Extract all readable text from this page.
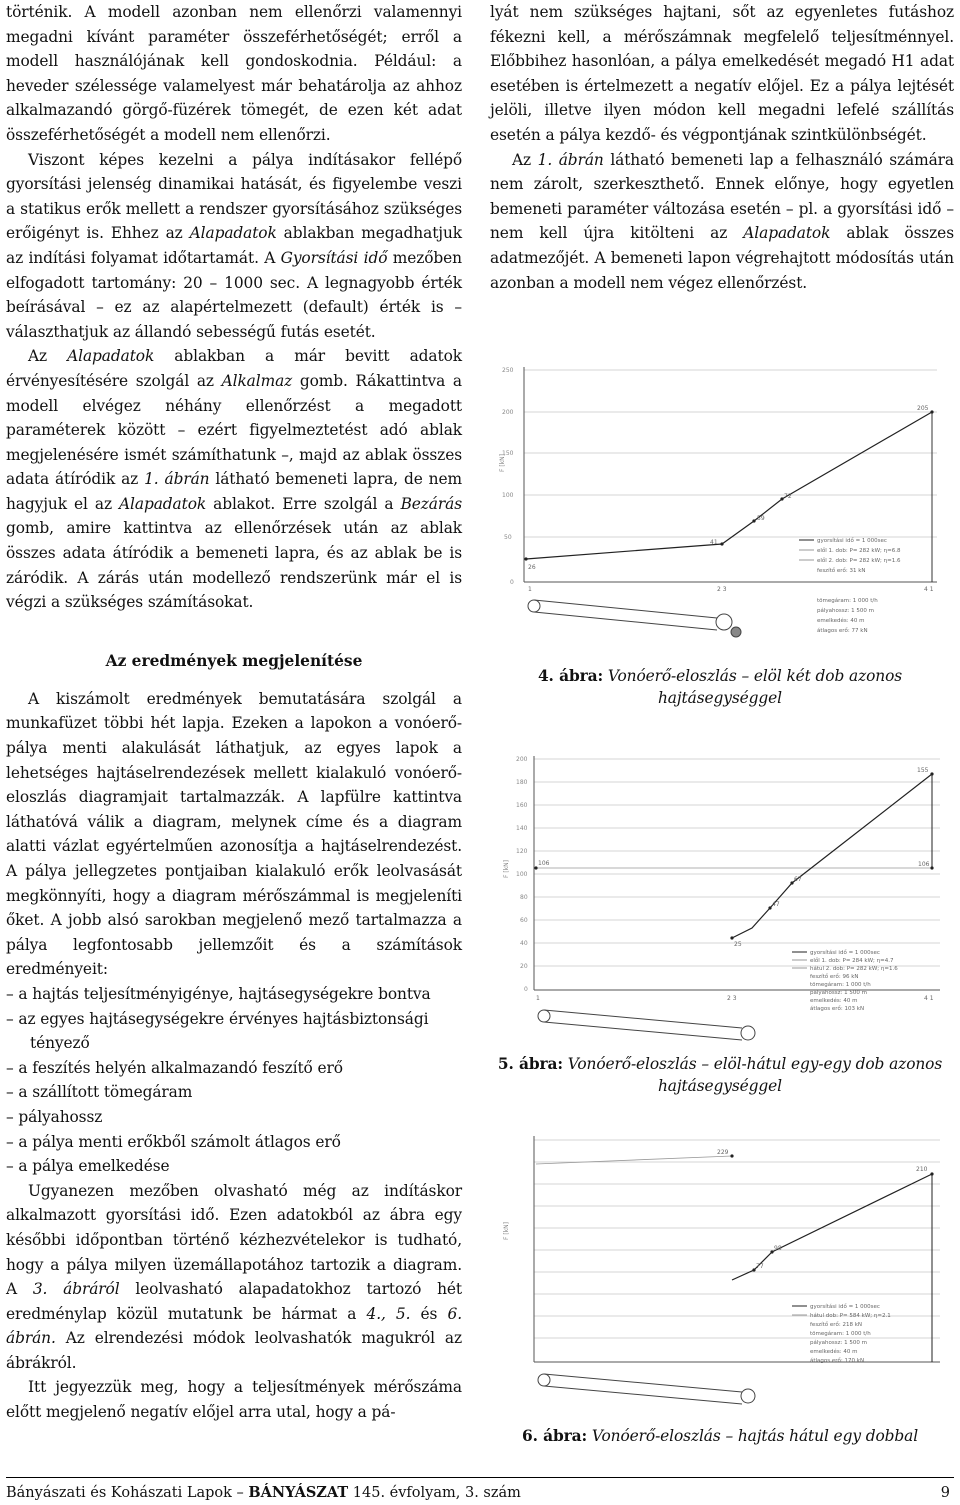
történik. A modell azonban nem ellenőrzi valamennyi megadni kívánt paraméter összeférhetőségét; erről a modell használójának kell gondoskodnia. Például: a heveder szélessége valamelyest már behatárolja az ahhoz alkalmazandó görgő-füzérek tömegét, de ezen két adat összeférhetőségét a modell nem ellenőrzi.

Viszont képes kezelni a pálya indításakor fellépő gyorsítási jelenség dinamikai hatását, és figyelembe veszi a statikus erők mellett a rendszer gyorsításához szükséges erőigényt is. Ehhez az Alapadatok ablakban megadhatjuk az indítási folyamat időtartamát. A Gyorsítási idő mezőben elfogadott tartomány: 20 – 1000 sec. A legnagyobb érték beírásával – ez az alapértelmezett (default) érték is – választhatjuk az állandó sebességű futás esetét.

Az Alapadatok ablakban a már bevitt adatok érvényesítésére szolgál az Alkalmaz gomb. Rákattintva a modell elvégez néhány ellenőrzést a megadott paraméterek között – ezért figyelmeztetést adó ablak megjelenésére ismét számíthatunk –, majd az ablak összes adata átíródik az 1. ábrán látható bemeneti lapra, de nem hagyjuk el az Alapadatok ablakot. Erre szolgál a Bezárás gomb, amire kattintva az ellenőrzések után az ablak összes adata átíródik a bemeneti lapra, és az ablak be is záródik. A zárás után modellező rendszerünk már el is végzi a szükséges számításokat.

Az eredmények megjelenítése

A kiszámolt eredmények bemutatására szolgál a munkafüzet többi hét lapja. Ezeken a lapokon a vonóerő-pálya menti alakulását láthatjuk, az egyes lapok a lehetséges hajtáselrendezések mellett kialakuló vonóerő-eloszlás diagramjait tartalmazzák. A lapfülre kattintva láthatóvá válik a diagram, melynek címe és a diagram alatti vázlat egyértelműen azonosítja a hajtáselrendezést. A pálya jellegzetes pontjaiban kialakuló erők leolvasását megkönnyíti, hogy a diagram mérőszámmal is megjeleníti őket. A jobb alsó sarokban megjelenő mező tartalmazza a pálya legfontosabb jellemzőit és a számítások eredményeit:

– a hajtás teljesítményigénye, hajtásegységekre bontva
– az egyes hajtásegységekre érvényes hajtásbiztonsági
tényező
– a feszítés helyén alkalmazandó feszítő erő
– a szállított tömegáram
– pályahossz
– a pálya menti erőkből számolt átlagos erő
– a pálya emelkedése

Ugyanezen mezőben olvasható még az indításkor alkalmazott gyorsítási idő. Ezen adatokból az ábra egy későbbi időpontban történő kézhezvételekor is tudható, hogy a pálya milyen üzemállapotához tartozik a diagram. A 3. ábráról leolvasható alapadatokhoz tartozó hét eredménylap közül mutatunk be hármat a 4., 5. és 6. ábrán. Az elrendezési módok leolvashatók magukról az ábrákról.

Itt jegyezzük meg, hogy a teljesítmények mérőszáma előtt megjelenő negatív előjel arra utal, hogy a pá-

lyát nem szükséges hajtani, sőt az egyenletes futáshoz fékezni kell, a mérőszámnak megfelelő teljesítménnyel. Előbbihez hasonlóan, a pálya emelkedését megadó H1 adat esetében is értelmezett a negatív előjel. Ez a pálya lejtését jelöli, illetve ilyen módon kell megadni lefelé szállítás esetén a pálya kezdő- és végpontjának szintkülönbségét.

Az 1. ábrán látható bemeneti lap a felhasználó számára nem zárolt, szerkeszthető. Ennek előnye, hogy egyetlen bemeneti paraméter változása esetén – pl. a gyorsítási idő – nem kell újra kitölteni az Alapadatok ablak összes adatmezőjét. A bemeneti lapon végrehajtott módosítás után azonban a modell nem végez ellenőrzést.

250
200
150
100
50
0
F [kN]
26
41
59
72
205
gyorsítási idő = 1 000sec
elől 1. dob: P= 282 kW; η=6.8
elől 2. dob: P= 282 kW; η=1.6
feszítő erő: 31 kN
tömegáram: 1 000 t/h
pályahossz: 1 500 m
emelkedés: 40 m
átlagos erő: 77 kN
1	2 3	4 1

4. ábra: Vonóerő-eloszlás – elöl két dob azonos hajtásegységgel

200
180
160
140
120
100
80
60
40
20
0
F [kN]	106
155
106
67
47
25
gyorsítási idő = 1 000sec
elől 1. dob: P= 284 kW; η=4.7
hátul 2. dob: P= 282 kW; η=1.6
feszítő erő: 96 kN
tömegáram: 1 000 t/h
pályahossz: 1 500 m
emelkedés: 40 m
átlagos erő: 103 kN
1	2 3	4 1

5. ábra: Vonóerő-eloszlás – elöl-hátul egy-egy dob azonos hajtásegységgel

F [kN]
229
210
98
77
gyorsítási idő = 1 000sec
hátul dob: P= 584 kW; η=2.1
feszítő erő: 218 kN
tömegáram: 1 000 t/h
pályahossz: 1 500 m
emelkedés: 40 m
átlagos erő: 170 kN

6. ábra: Vonóerő-eloszlás – hajtás hátul egy dobbal

Bányászati és Kohászati Lapok – BÁNYÁSZAT 145. évfolyam, 3. szám	9
